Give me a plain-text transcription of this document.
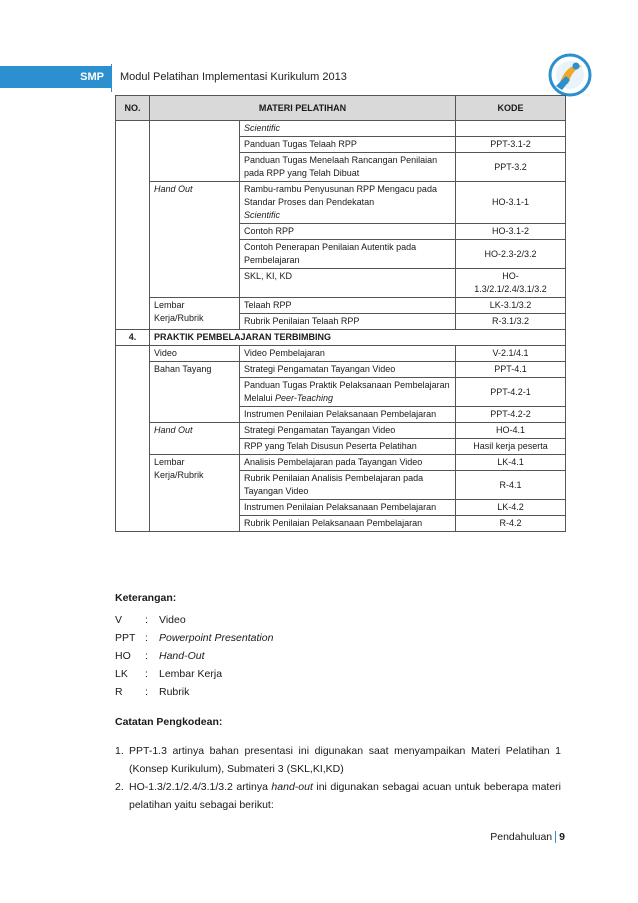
SMP	Modul Pelatihan Implementasi Kurikulum 2013
NO.	MATERI PELATIHAN		KODE
		Scientific	
		Panduan Tugas Telaah RPP	PPT-3.1-2
		Panduan Tugas Menelaah Rancangan Penilaian pada RPP yang Telah Dibuat	PPT-3.2
	Hand Out	Rambu-rambu Penyusunan RPP Mengacu pada Standar Proses dan Pendekatan
Scientific	HO-3.1-1
		Contoh RPP	HO-3.1-2
		Contoh Penerapan Penilaian Autentik pada Pembelajaran	HO-2.3-2/3.2
		SKL, KI, KD	HO-
1.3/2.1/2.4/3.1/3.2
	Lembar Kerja/Rubrik	Telaah RPP	LK-3.1/3.2
		Rubrik Penilaian Telaah RPP	R-3.1/3.2
4.	PRAKTIK PEMBELAJARAN TERBIMBING		
	Video	Video Pembelajaran	V-2.1/4.1
	Bahan Tayang	Strategi Pengamatan Tayangan Video	PPT-4.1
		Panduan Tugas Praktik Pelaksanaan Pembelajaran Melalui Peer-Teaching	PPT-4.2-1
		Instrumen Penilaian Pelaksanaan Pembelajaran	PPT-4.2-2
	Hand Out	Strategi Pengamatan Tayangan Video	HO-4.1
		RPP yang Telah Disusun Peserta Pelatihan	Hasil kerja peserta
	Lembar Kerja/Rubrik	Analisis Pembelajaran pada Tayangan Video	LK-4.1
		Rubrik Penilaian Analisis Pembelajaran pada Tayangan Video	R-4.1
		Instrumen Penilaian Pelaksanaan Pembelajaran	LK-4.2
		Rubrik Penilaian Pelaksanaan Pembelajaran	R-4.2
Keterangan:
V	:	Video
PPT :	Powerpoint Presentation
HO	:	Hand-Out
LK	:	Lembar Kerja
R	:	Rubrik
Catatan Pengkodean:
1. PPT-1.3 artinya bahan presentasi ini digunakan saat menyampaikan Materi Pelatihan 1 (Konsep Kurikulum), Submateri 3 (SKL,KI,KD)
2. HO-1.3/2.1/2.4/3.1/3.2 artinya hand-out ini digunakan sebagai acuan untuk beberapa materi pelatihan yaitu sebagai berikut:
Pendahuluan 9
